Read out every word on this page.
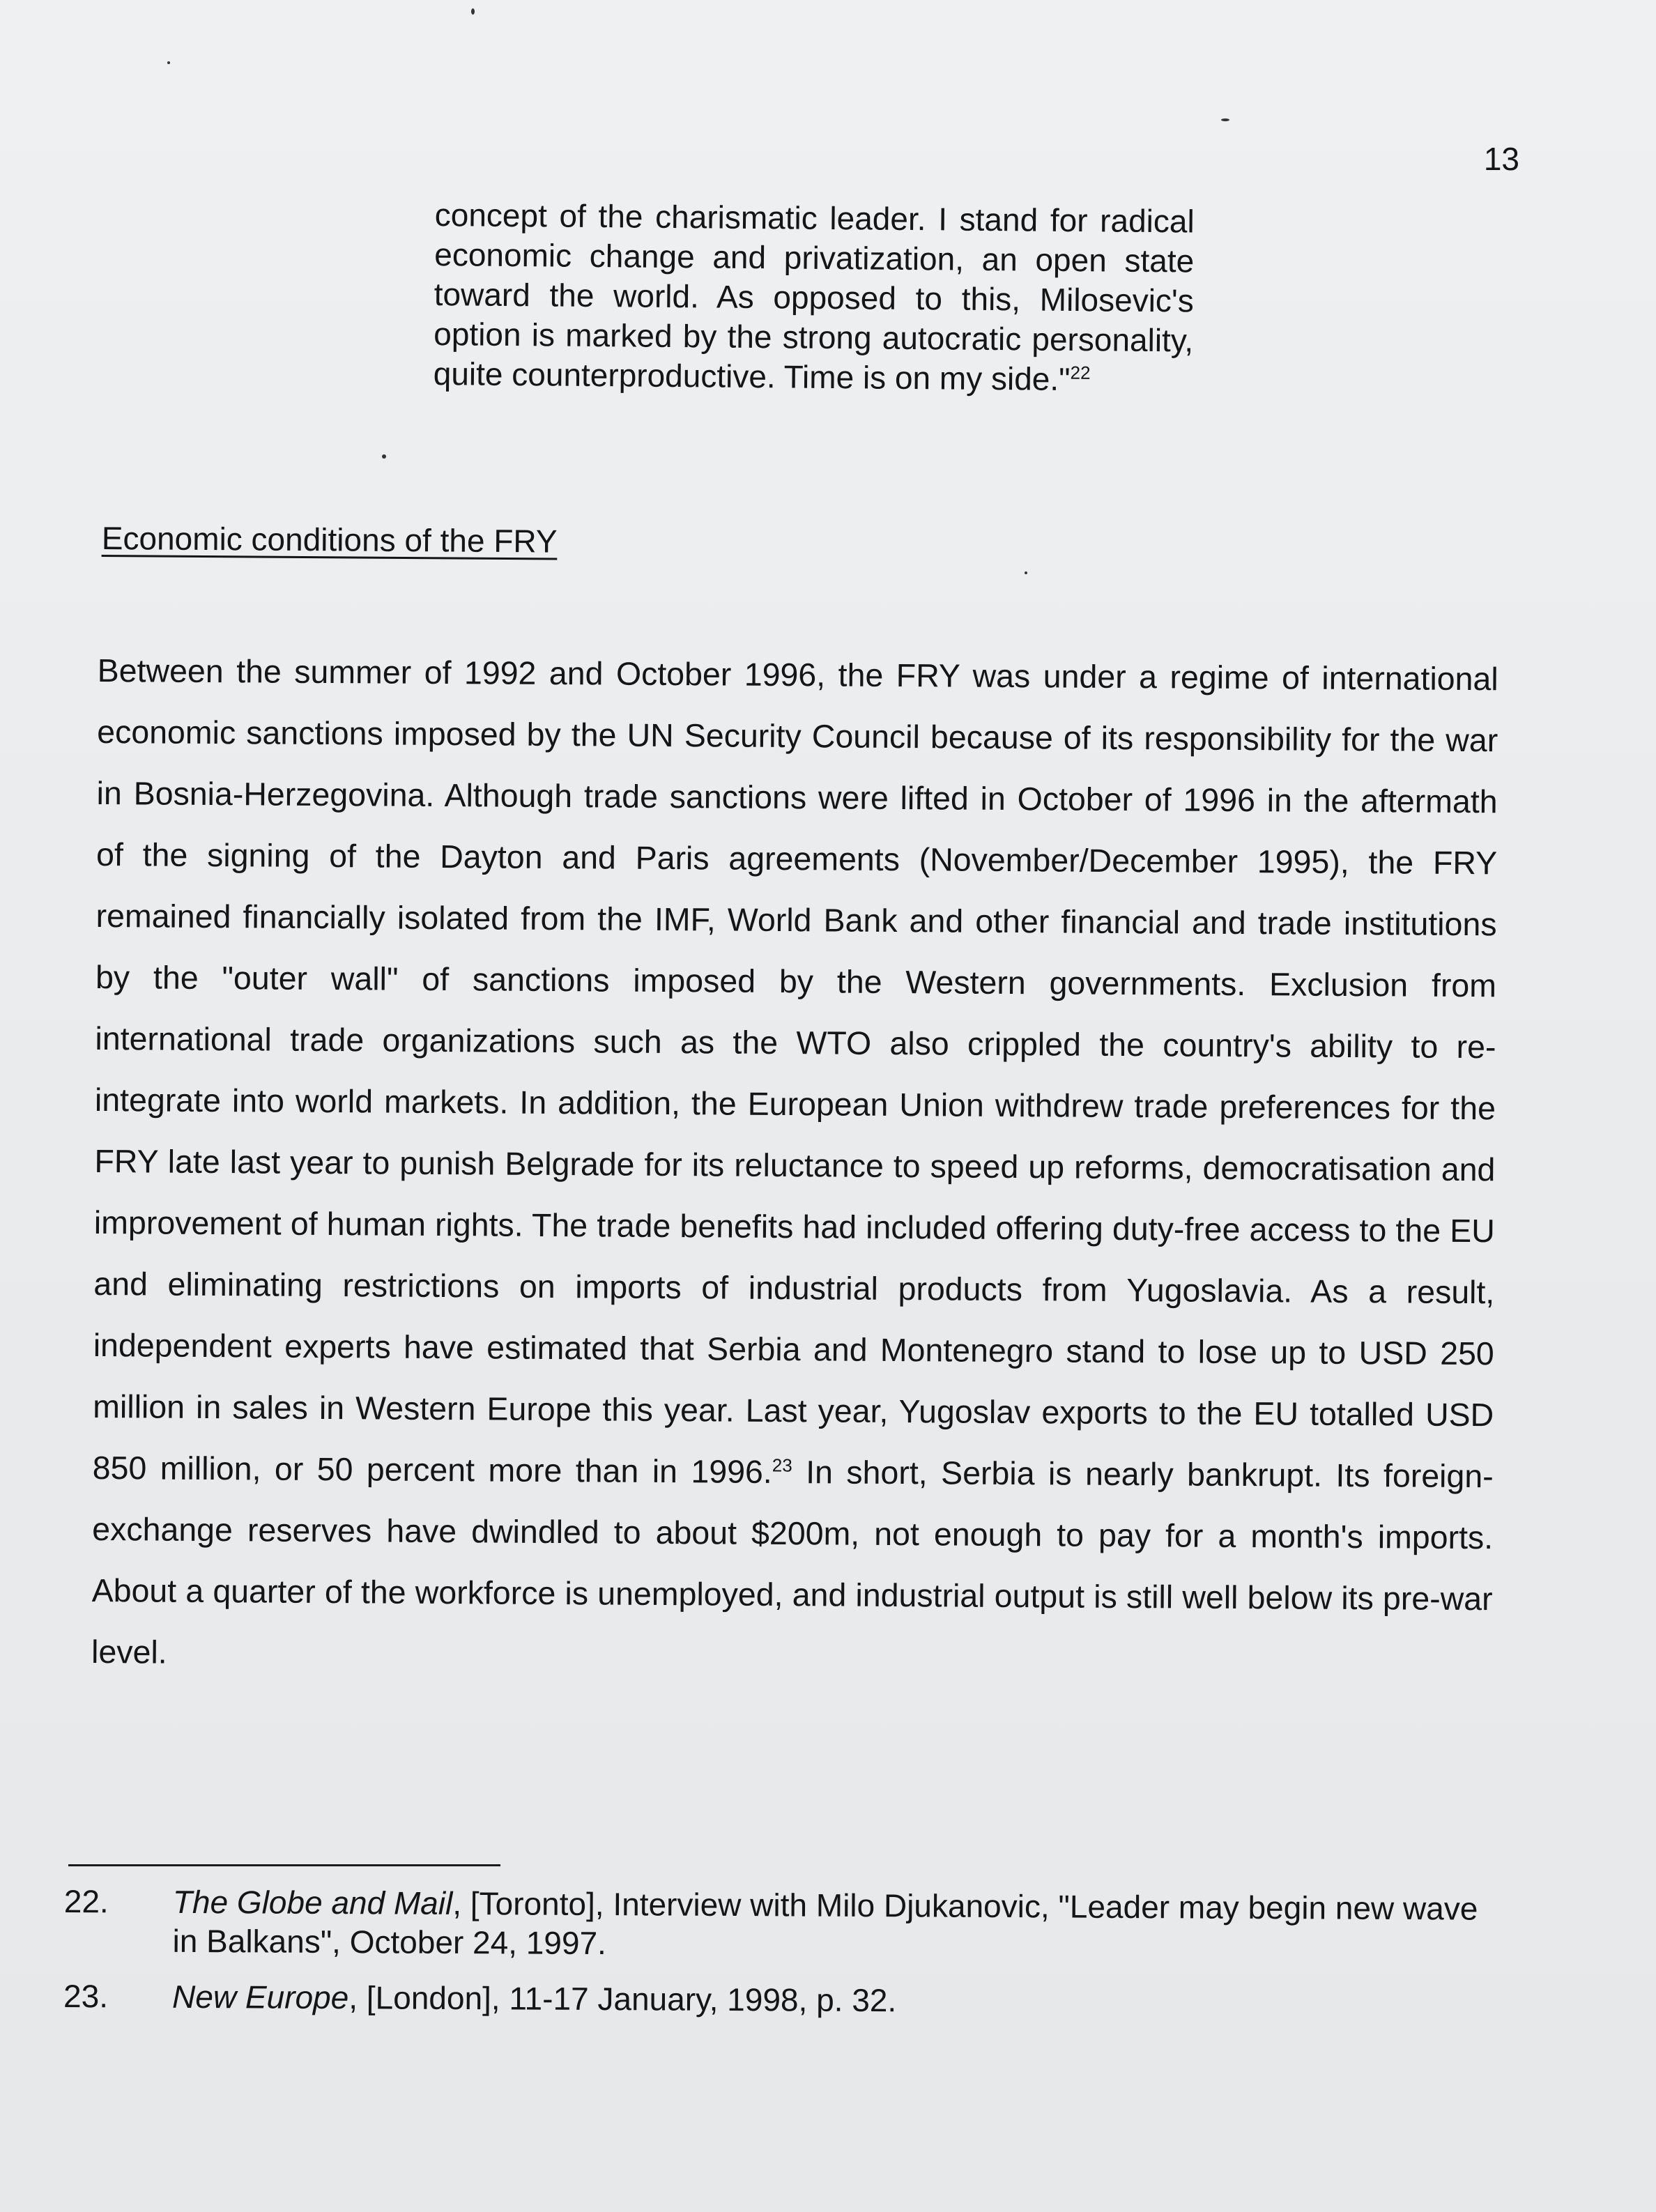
13

concept of the charismatic leader. I stand for radical economic change and privatization, an open state toward the world. As opposed to this, Milosevic's option is marked by the strong autocratic personality, quite counterproductive. Time is on my side."$^{22}$

Economic conditions of the FRY

Between the summer of 1992 and October 1996, the FRY was under a regime of international economic sanctions imposed by the UN Security Council because of its responsibility for the war in Bosnia-Herzegovina. Although trade sanctions were lifted in October of 1996 in the aftermath of the signing of the Dayton and Paris agreements (November/December 1995), the FRY remained financially isolated from the IMF, World Bank and other financial and trade institutions by the "outer wall" of sanctions imposed by the Western governments. Exclusion from international trade organizations such as the WTO also crippled the country's ability to re-integrate into world markets. In addition, the European Union withdrew trade preferences for the FRY late last year to punish Belgrade for its reluctance to speed up reforms, democratisation and improvement of human rights. The trade benefits had included offering duty-free access to the EU and eliminating restrictions on imports of industrial products from Yugoslavia. As a result, independent experts have estimated that Serbia and Montenegro stand to lose up to USD 250 million in sales in Western Europe this year. Last year, Yugoslav exports to the EU totalled USD 850 million, or 50 percent more than in 1996.23 In short, Serbia is nearly bankrupt. Its foreign-exchange reserves have dwindled to about $200m, not enough to pay for a month's imports. About a quarter of the workforce is unemployed, and industrial output is still well below its pre-war level.

22. The Globe and Mail, [Toronto], Interview with Milo Djukanovic, "Leader may begin new wave in Balkans", October 24, 1997.
23. New Europe, [London], 11-17 January, 1998, p. 32.
